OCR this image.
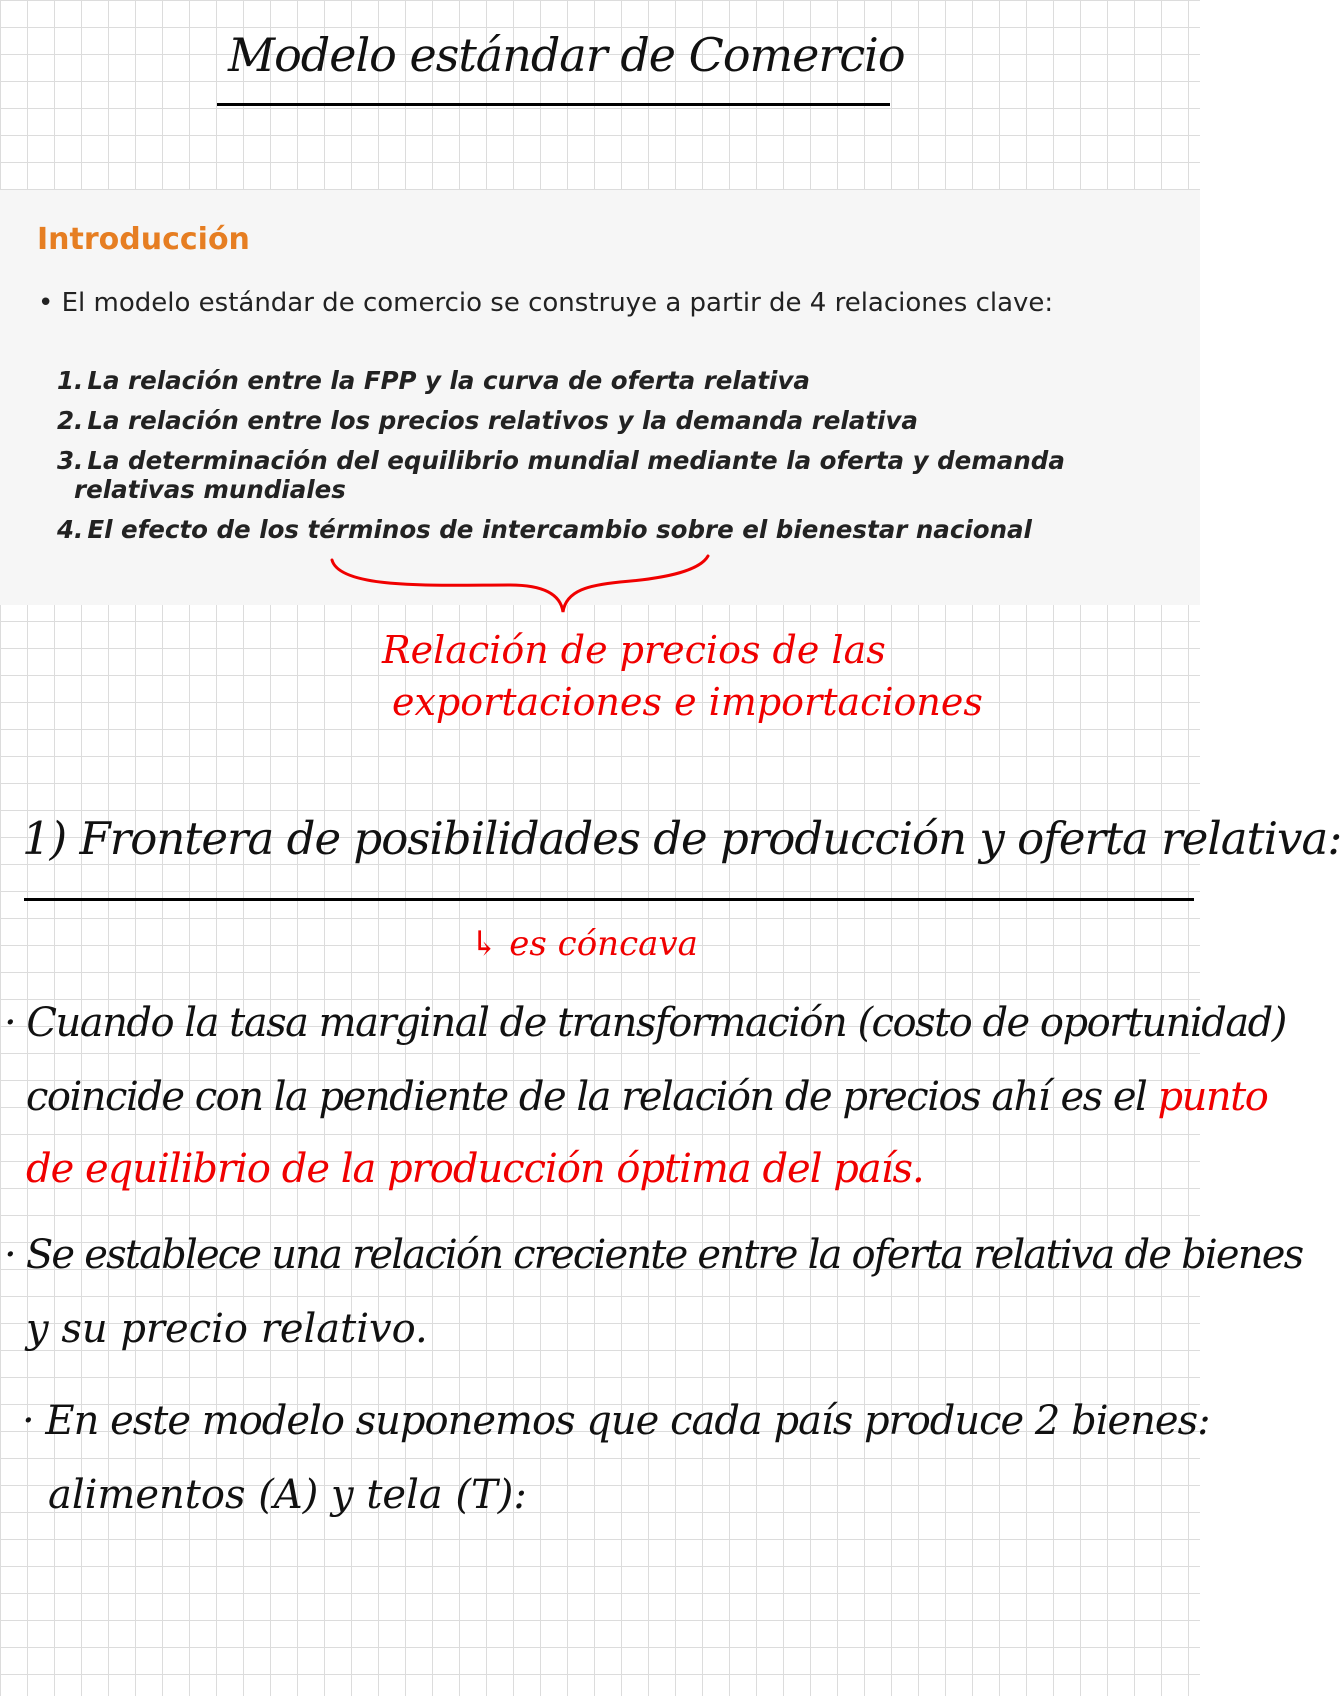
Modelo estándar de Comercio
Introducción
• El modelo estándar de comercio se construye a partir de 4 relaciones clave:
1. La relación entre la FPP y la curva de oferta relativa
2. La relación entre los precios relativos y la demanda relativa
3. La determinación del equilibrio mundial mediante la oferta y demanda relativas mundiales
4. El efecto de los términos de intercambio sobre el bienestar nacional
Relación de precios de las
exportaciones e importaciones
1) Frontera de posibilidades de producción y oferta relativa:
↳ es cóncava
· Cuando la tasa marginal de transformación (costo de oportunidad)
coincide con la pendiente de la relación de precios ahí es el punto
de equilibrio de la producción óptima del país.
· Se establece una relación creciente entre la oferta relativa de bienes
y su precio relativo.
· En este modelo suponemos que cada país produce 2 bienes:
alimentos (A) y tela (T):
